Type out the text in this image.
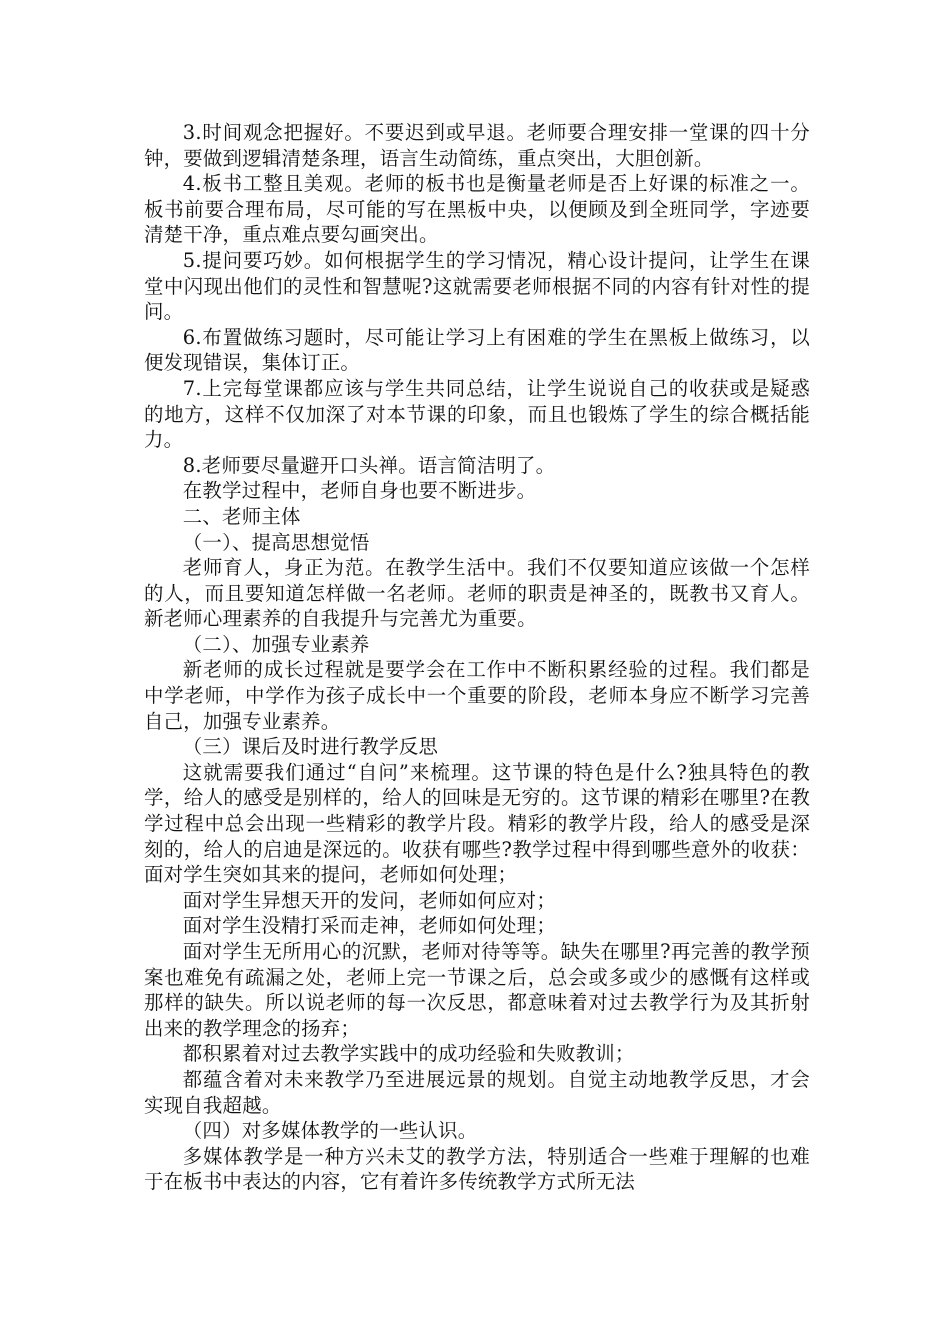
3.时间观念把握好。不要迟到或早退。老师要合理安排一堂课的四十分钟，要做到逻辑清楚条理，语言生动简练，重点突出，大胆创新。

4.板书工整且美观。老师的板书也是衡量老师是否上好课的标准之一。板书前要合理布局，尽可能的写在黑板中央，以便顾及到全班同学，字迹要清楚干净，重点难点要勾画突出。

5.提问要巧妙。如何根据学生的学习情况，精心设计提问，让学生在课堂中闪现出他们的灵性和智慧呢?这就需要老师根据不同的内容有针对性的提问。

6.布置做练习题时，尽可能让学习上有困难的学生在黑板上做练习，以便发现错误，集体订正。

7.上完每堂课都应该与学生共同总结，让学生说说自己的收获或是疑惑的地方，这样不仅加深了对本节课的印象，而且也锻炼了学生的综合概括能力。

8.老师要尽量避开口头禅。语言简洁明了。

在教学过程中，老师自身也要不断进步。

二、老师主体

（一）、提高思想觉悟

老师育人，身正为范。在教学生活中。我们不仅要知道应该做一个怎样的人，而且要知道怎样做一名老师。老师的职责是神圣的，既教书又育人。新老师心理素养的自我提升与完善尤为重要。

（二）、加强专业素养

新老师的成长过程就是要学会在工作中不断积累经验的过程。我们都是中学老师，中学作为孩子成长中一个重要的阶段，老师本身应不断学习完善自己，加强专业素养。

（三）课后及时进行教学反思

这就需要我们通过“自问”来梳理。这节课的特色是什么?独具特色的教学，给人的感受是别样的，给人的回味是无穷的。这节课的精彩在哪里?在教学过程中总会出现一些精彩的教学片段。精彩的教学片段，给人的感受是深刻的，给人的启迪是深远的。收获有哪些?教学过程中得到哪些意外的收获：面对学生突如其来的提问，老师如何处理；

面对学生异想天开的发问，老师如何应对；

面对学生没精打采而走神，老师如何处理；

面对学生无所用心的沉默，老师对待等等。缺失在哪里?再完善的教学预案也难免有疏漏之处，老师上完一节课之后，总会或多或少的感慨有这样或那样的缺失。所以说老师的每一次反思，都意味着对过去教学行为及其折射出来的教学理念的扬弃；

都积累着对过去教学实践中的成功经验和失败教训；

都蕴含着对未来教学乃至进展远景的规划。自觉主动地教学反思，才会实现自我超越。

（四）对多媒体教学的一些认识。

多媒体教学是一种方兴未艾的教学方法，特别适合一些难于理解的也难于在板书中表达的内容，它有着许多传统教学方式所无法
